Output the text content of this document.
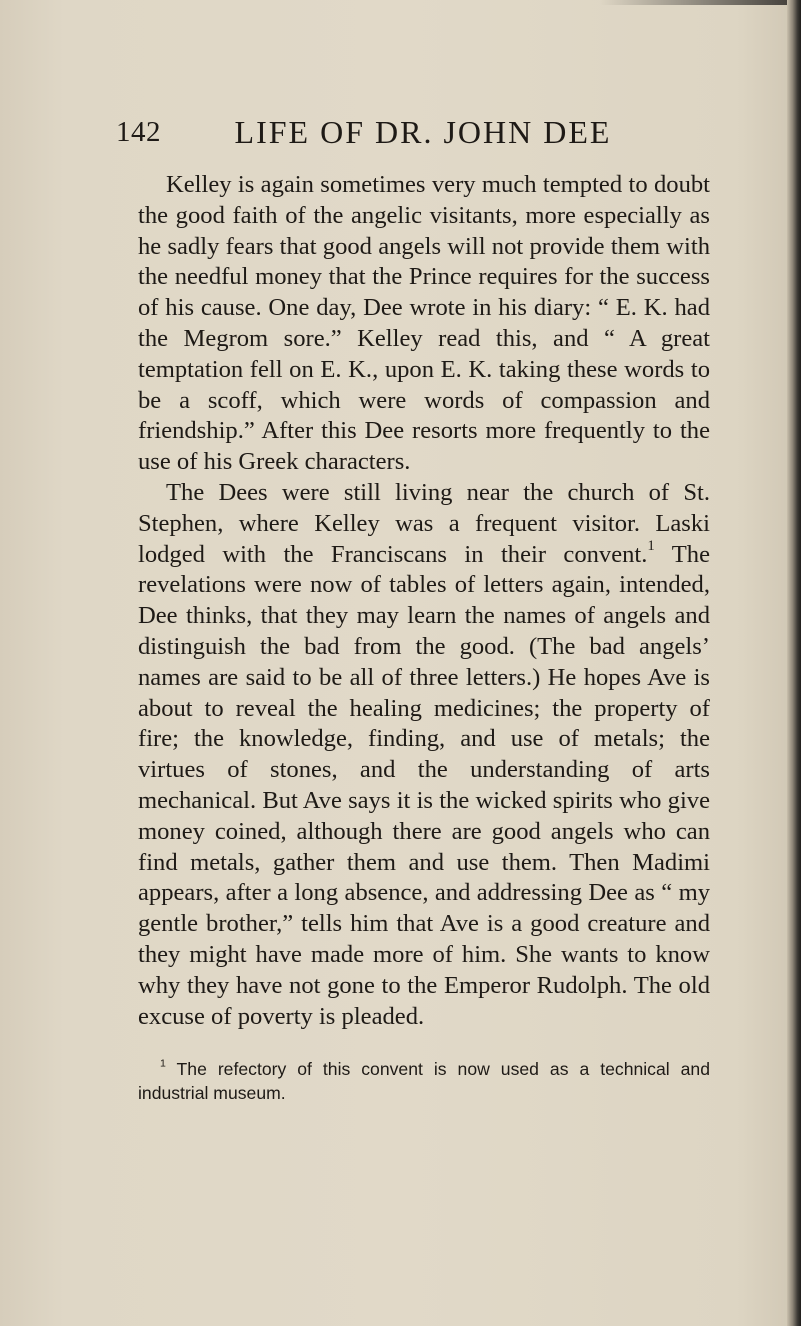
142	LIFE OF DR. JOHN DEE

Kelley is again sometimes very much tempted to doubt the good faith of the angelic visitants, more especially as he sadly fears that good angels will not provide them with the needful money that the Prince requires for the success of his cause. One day, Dee wrote in his diary: “ E. K. had the Megrom sore.” Kelley read this, and “ A great temptation fell on E. K., upon E. K. taking these words to be a scoff, which were words of compassion and friendship.” After this Dee resorts more frequently to the use of his Greek characters.

The Dees were still living near the church of St. Stephen, where Kelley was a frequent visitor. Laski lodged with the Franciscans in their convent.$^1$ The revelations were now of tables of letters again, intended, Dee thinks, that they may learn the names of angels and distinguish the bad from the good. (The bad angels’ names are said to be all of three letters.) He hopes Ave is about to reveal the healing medicines; the property of fire; the knowledge, finding, and use of metals; the virtues of stones, and the understanding of arts mechanical. But Ave says it is the wicked spirits who give money coined, although there are good angels who can find metals, gather them and use them. Then Madimi appears, after a long absence, and addressing Dee as “ my gentle brother,” tells him that Ave is a good creature and they might have made more of him. She wants to know why they have not gone to the Emperor Rudolph. The old excuse of poverty is pleaded.

$^1$ The refectory of this convent is now used as a technical and industrial museum.
